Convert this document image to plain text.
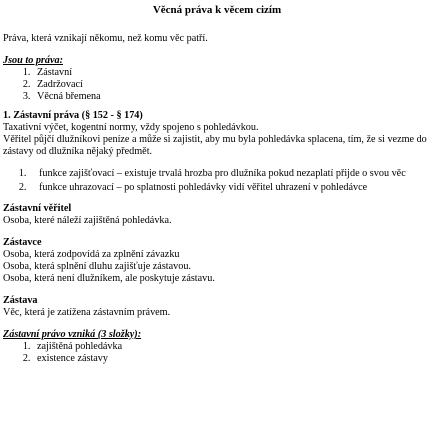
Věcná práva k věcem cizím

Práva, která vznikají někomu, než komu věc patří.

Jsou to práva:

1. Zástavní
2. Zadržovací
3. Věcná břemena

1. Zástavní práva (§ 152 - § 174)

Taxativní výčet, kogentní normy, vždy spojeno s pohledávkou.

Věřitel půjčí dlužníkovi peníze a může si zajistit, aby mu byla pohledávka splacena, tím, že si vezme do zástavy od dlužníka nějaký předmět.

1. funkce zajišťovací – existuje trvalá hrozba pro dlužníka pokud nezaplatí přijde o svou věc
2. funkce uhrazovací – po splatnosti pohledávky vidí věřitel uhrazení v pohledávce

Zástavní věřitel

Osoba, které náleží zajištěná pohledávka.

Zástavce

Osoba, která zodpovídá za zplnění závazku

Osoba, která splnění dluhu zajišťuje zástavou.

Osoba, která není dlužníkem, ale poskytuje zástavu.

Zástava

Věc, která je zatížena zástavním právem.

Zástavní právo vzniká (3 složky):

1. zajištěná pohledávka
2. existence zástavy
